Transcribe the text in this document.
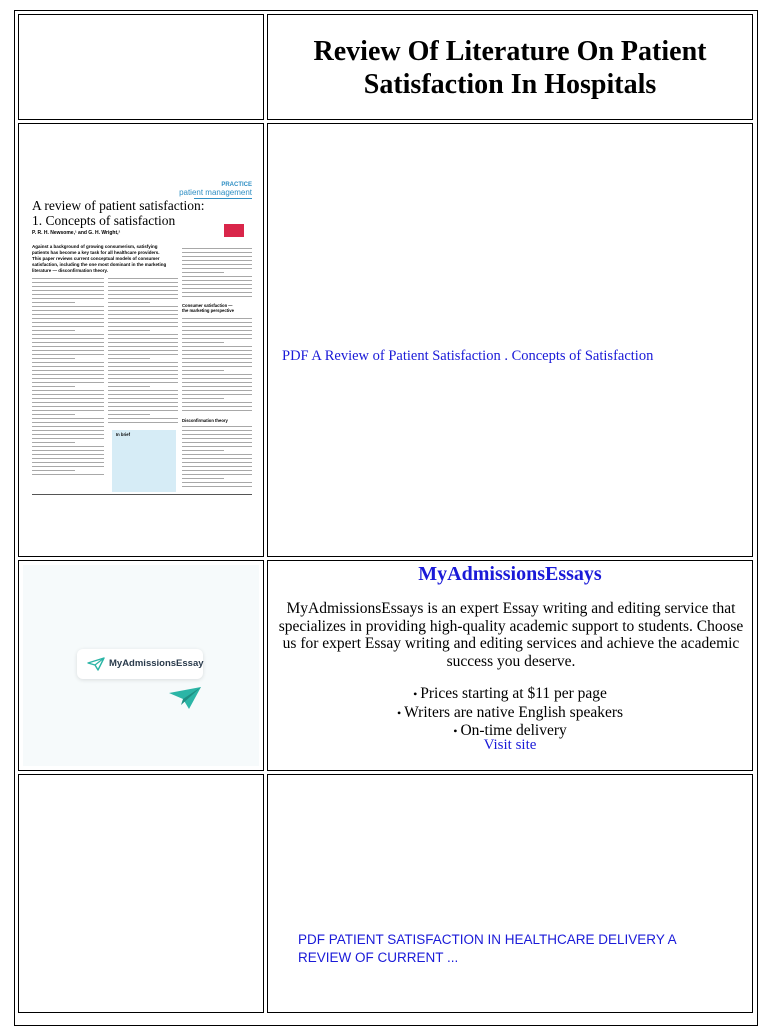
Review Of Literature On Patient
Satisfaction In Hospitals
PRACTICE
patient management
A review of patient satisfaction:
1. Concepts of satisfaction
P. R. H. Newsome,¹ and G. H. Wright,²
Against a background of growing consumerism, satisfying
patients has become a key task for all healthcare providers.
This paper reviews current conceptual models of consumer
satisfaction, including the one most dominant in the marketing
literature — disconfirmation theory.
Consumer satisfaction —
the marketing perspective
Disconfirmation theory
In brief
PDF A Review of Patient Satisfaction . Concepts of Satisfaction
MyAdmissionsEssay
MyAdmissionsEssays
MyAdmissionsEssays is an expert Essay writing and editing service that specializes in providing high-quality academic support to students. Choose us for expert Essay writing and editing services and achieve the academic success you deserve.
• Prices starting at $11 per page
• Writers are native English speakers
• On-time delivery
Visit site
PDF PATIENT SATISFACTION IN HEALTHCARE DELIVERY A
REVIEW OF CURRENT ...
